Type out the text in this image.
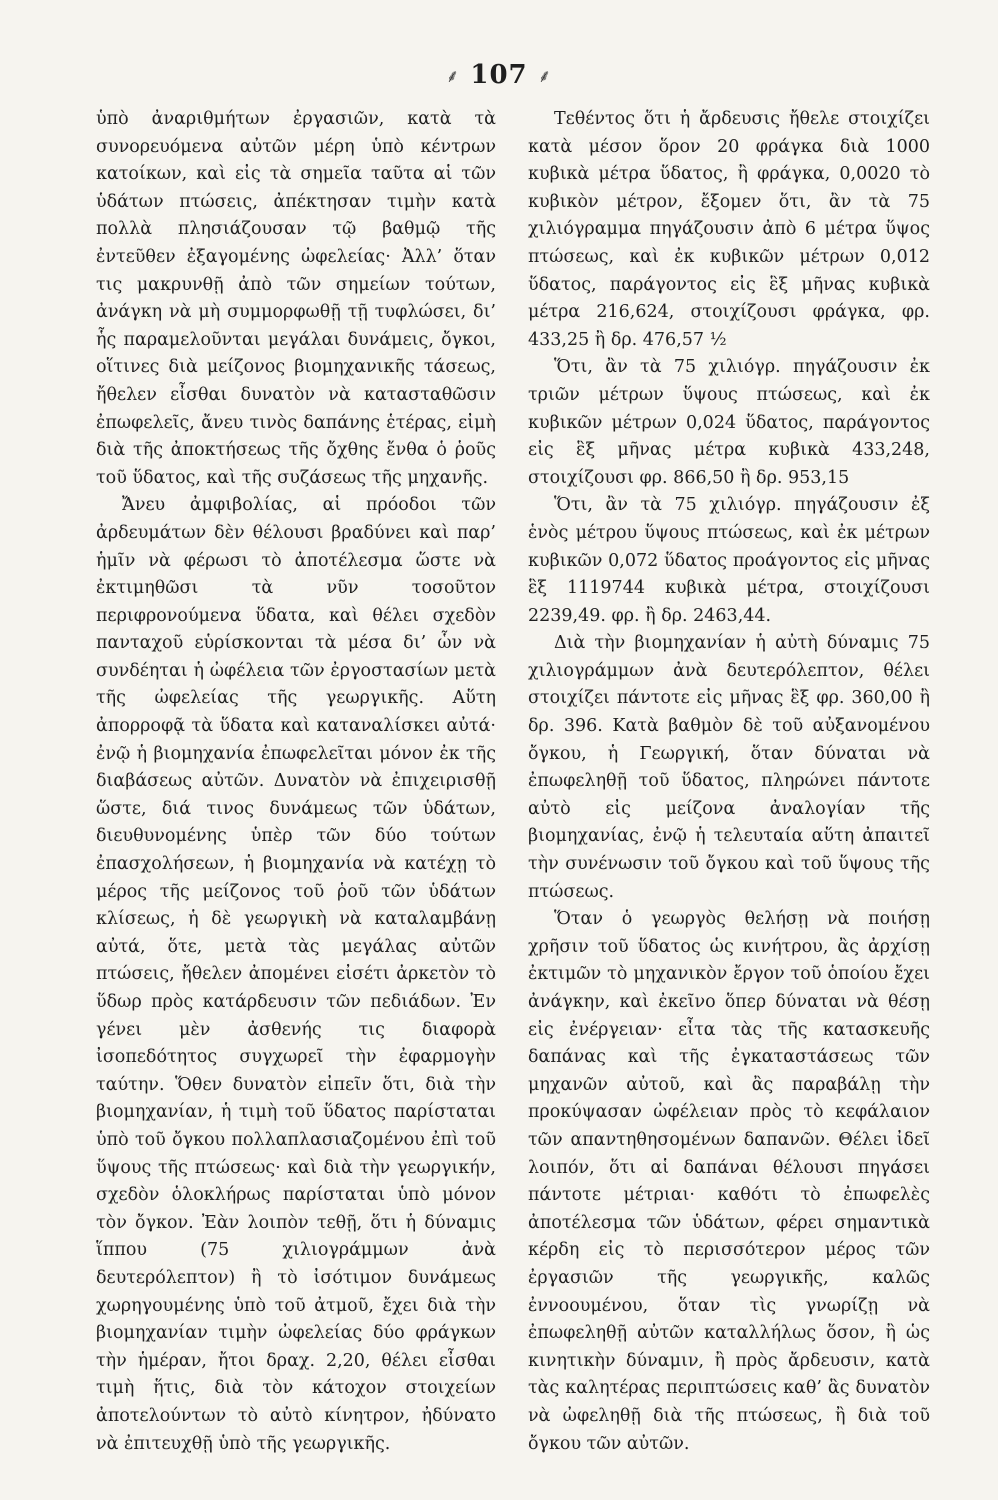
⸙ 107 ⸙

ὑπὸ ἀναριθμήτων ἐργασιῶν, κατὰ τὰ συνορευόμενα αὐτῶν μέρη ὑπὸ κέντρων κατοίκων, καὶ εἰς τὰ σημεῖα ταῦτα αἱ τῶν ὑδάτων πτώσεις, ἀπέκτησαν τιμὴν κατὰ πολλὰ πλησιάζουσαν τῷ βαθμῷ τῆς ἐντεῦθεν ἐξαγομένης ὠφελείας· Ἀλλ’ ὅταν τις μακρυνθῇ ἀπὸ τῶν σημείων τούτων, ἀνάγκη νὰ μὴ συμμορφωθῇ τῇ τυφλώσει, δι’ ἧς παραμελοῦνται μεγάλαι δυνάμεις, ὄγκοι, οἵτινες διὰ μείζονος βιομηχανικῆς τάσεως, ἤθελεν εἶσθαι δυνατὸν νὰ κατασταθῶσιν ἐπωφελεῖς, ἄνευ τινὸς δαπάνης ἑτέρας, εἰμὴ διὰ τῆς ἀποκτήσεως τῆς ὄχθης ἔνθα ὁ ῥοῦς τοῦ ὕδατος, καὶ τῆς συζάσεως τῆς μηχανῆς.

Ἄνευ ἀμφιβολίας, αἱ πρόοδοι τῶν ἀρδευμάτων δὲν θέλουσι βραδύνει καὶ παρ’ ἡμῖν νὰ φέρωσι τὸ ἀποτέλεσμα ὥστε νὰ ἐκτιμηθῶσι τὰ νῦν τοσοῦτον περιφρονούμενα ὕδατα, καὶ θέλει σχεδὸν πανταχοῦ εὑρίσκονται τὰ μέσα δι’ ὧν νὰ συνδέηται ἡ ὠφέλεια τῶν ἐργοστασίων μετὰ τῆς ὠφελείας τῆς γεωργικῆς. Αὕτη ἀπορροφᾷ τὰ ὕδατα καὶ καταναλίσκει αὐτά· ἐνῷ ἡ βιομηχανία ἐπωφελεῖται μόνον ἐκ τῆς διαβάσεως αὐτῶν. Δυνατὸν νὰ ἐπιχειρισθῇ ὥστε, διά τινος δυνάμεως τῶν ὑδάτων, διευθυνομένης ὑπὲρ τῶν δύο τούτων ἐπασχολήσεων, ἡ βιομηχανία νὰ κατέχῃ τὸ μέρος τῆς μείζονος τοῦ ῥοῦ τῶν ὑδάτων κλίσεως, ἡ δὲ γεωργικὴ νὰ καταλαμβάνῃ αὐτά, ὅτε, μετὰ τὰς μεγάλας αὐτῶν πτώσεις, ἤθελεν ἀπομένει εἰσέτι ἀρκετὸν τὸ ὕδωρ πρὸς κατάρδευσιν τῶν πεδιάδων. Ἐν γένει μὲν ἀσθενής τις διαφορὰ ἰσοπεδότητος συγχωρεῖ τὴν ἐφαρμογὴν ταύτην. Ὅθεν δυνατὸν εἰπεῖν ὅτι, διὰ τὴν βιομηχανίαν, ἡ τιμὴ τοῦ ὕδατος παρίσταται ὑπὸ τοῦ ὄγκου πολλαπλασιαζομένου ἐπὶ τοῦ ὕψους τῆς πτώσεως· καὶ διὰ τὴν γεωργικήν, σχεδὸν ὁλοκλήρως παρίσταται ὑπὸ μόνον τὸν ὄγκον. Ἐὰν λοιπὸν τεθῇ, ὅτι ἡ δύναμις ἵππου (75 χιλιογράμμων ἀνὰ δευτερόλεπτον) ἢ τὸ ἰσότιμον δυνάμεως χωρηγουμένης ὑπὸ τοῦ ἀτμοῦ, ἔχει διὰ τὴν βιομηχανίαν τιμὴν ὠφελείας δύο φράγκων τὴν ἡμέραν, ἤτοι δραχ. 2,20, θέλει εἶσθαι τιμὴ ἥτις, διὰ τὸν κάτοχον στοιχείων ἀποτελούντων τὸ αὐτὸ κίνητρον, ἠδύνατο νὰ ἐπιτευχθῇ ὑπὸ τῆς γεωργικῆς.

Τεθέντος ὅτι ἡ ἄρδευσις ἤθελε στοιχίζει κατὰ μέσον ὅρον 20 φράγκα διὰ 1000 κυβικὰ μέτρα ὕδατος, ἢ φράγκα, 0,0020 τὸ κυβικὸν μέτρον, ἔξομεν ὅτι, ἂν τὰ 75 χιλιόγραμμα πηγάζουσιν ἀπὸ 6 μέτρα ὕψος πτώσεως, καὶ ἐκ κυβικῶν μέτρων 0,012 ὕδατος, παράγοντος εἰς ἓξ μῆνας κυβικὰ μέτρα 216,624, στοιχίζουσι φράγκα, φρ. 433,25 ἢ δρ. 476,57 ½

Ὅτι, ἂν τὰ 75 χιλιόγρ. πηγάζουσιν ἐκ τριῶν μέτρων ὕψους πτώσεως, καὶ ἐκ κυβικῶν μέτρων 0,024 ὕδατος, παράγοντος εἰς ἓξ μῆνας μέτρα κυβικὰ 433,248, στοιχίζουσι φρ. 866,50 ἢ δρ. 953,15

Ὅτι, ἂν τὰ 75 χιλιόγρ. πηγάζουσιν ἐξ ἑνὸς μέτρου ὕψους πτώσεως, καὶ ἐκ μέτρων κυβικῶν 0,072 ὕδατος προάγοντος εἰς μῆνας ἓξ 1119744 κυβικὰ μέτρα, στοιχίζουσι 2239,49. φρ. ἢ δρ. 2463,44.

Διὰ τὴν βιομηχανίαν ἡ αὐτὴ δύναμις 75 χιλιογράμμων ἀνὰ δευτερόλεπτον, θέλει στοιχίζει πάντοτε εἰς μῆνας ἓξ φρ. 360,00 ἢ δρ. 396. Κατὰ βαθμὸν δὲ τοῦ αὐξανομένου ὄγκου, ἡ Γεωργική, ὅταν δύναται νὰ ἐπωφεληθῇ τοῦ ὕδατος, πληρώνει πάντοτε αὐτὸ εἰς μείζονα ἀναλογίαν τῆς βιομηχανίας, ἐνῷ ἡ τελευταία αὕτη ἀπαιτεῖ τὴν συνένωσιν τοῦ ὄγκου καὶ τοῦ ὕψους τῆς πτώσεως.

Ὅταν ὁ γεωργὸς θελήσῃ νὰ ποιήσῃ χρῆσιν τοῦ ὕδατος ὡς κινήτρου, ἂς ἀρχίσῃ ἐκτιμῶν τὸ μηχανικὸν ἔργον τοῦ ὁποίου ἔχει ἀνάγκην, καὶ ἐκεῖνο ὅπερ δύναται νὰ θέσῃ εἰς ἐνέργειαν· εἶτα τὰς τῆς κατασκευῆς δαπάνας καὶ τῆς ἐγκαταστάσεως τῶν μηχανῶν αὐτοῦ, καὶ ἂς παραβάλῃ τὴν προκύψασαν ὠφέλειαν πρὸς τὸ κεφάλαιον τῶν απαντηθησομένων δαπανῶν. Θέλει ἰδεῖ λοιπόν, ὅτι αἱ δαπάναι θέλουσι πηγάσει πάντοτε μέτριαι· καθότι τὸ ἐπωφελὲς ἀποτέλεσμα τῶν ὑδάτων, φέρει σημαντικὰ κέρδη εἰς τὸ περισσότερον μέρος τῶν ἐργασιῶν τῆς γεωργικῆς, καλῶς ἐννοουμένου, ὅταν τὶς γνωρίζῃ νὰ ἐπωφεληθῇ αὐτῶν καταλλήλως ὅσον, ἢ ὡς κινητικὴν δύναμιν, ἢ πρὸς ἄρδευσιν, κατὰ τὰς καλητέρας περιπτώσεις καθ’ ἃς δυνατὸν νὰ ὠφεληθῇ διὰ τῆς πτώσεως, ἢ διὰ τοῦ ὄγκου τῶν αὐτῶν.
